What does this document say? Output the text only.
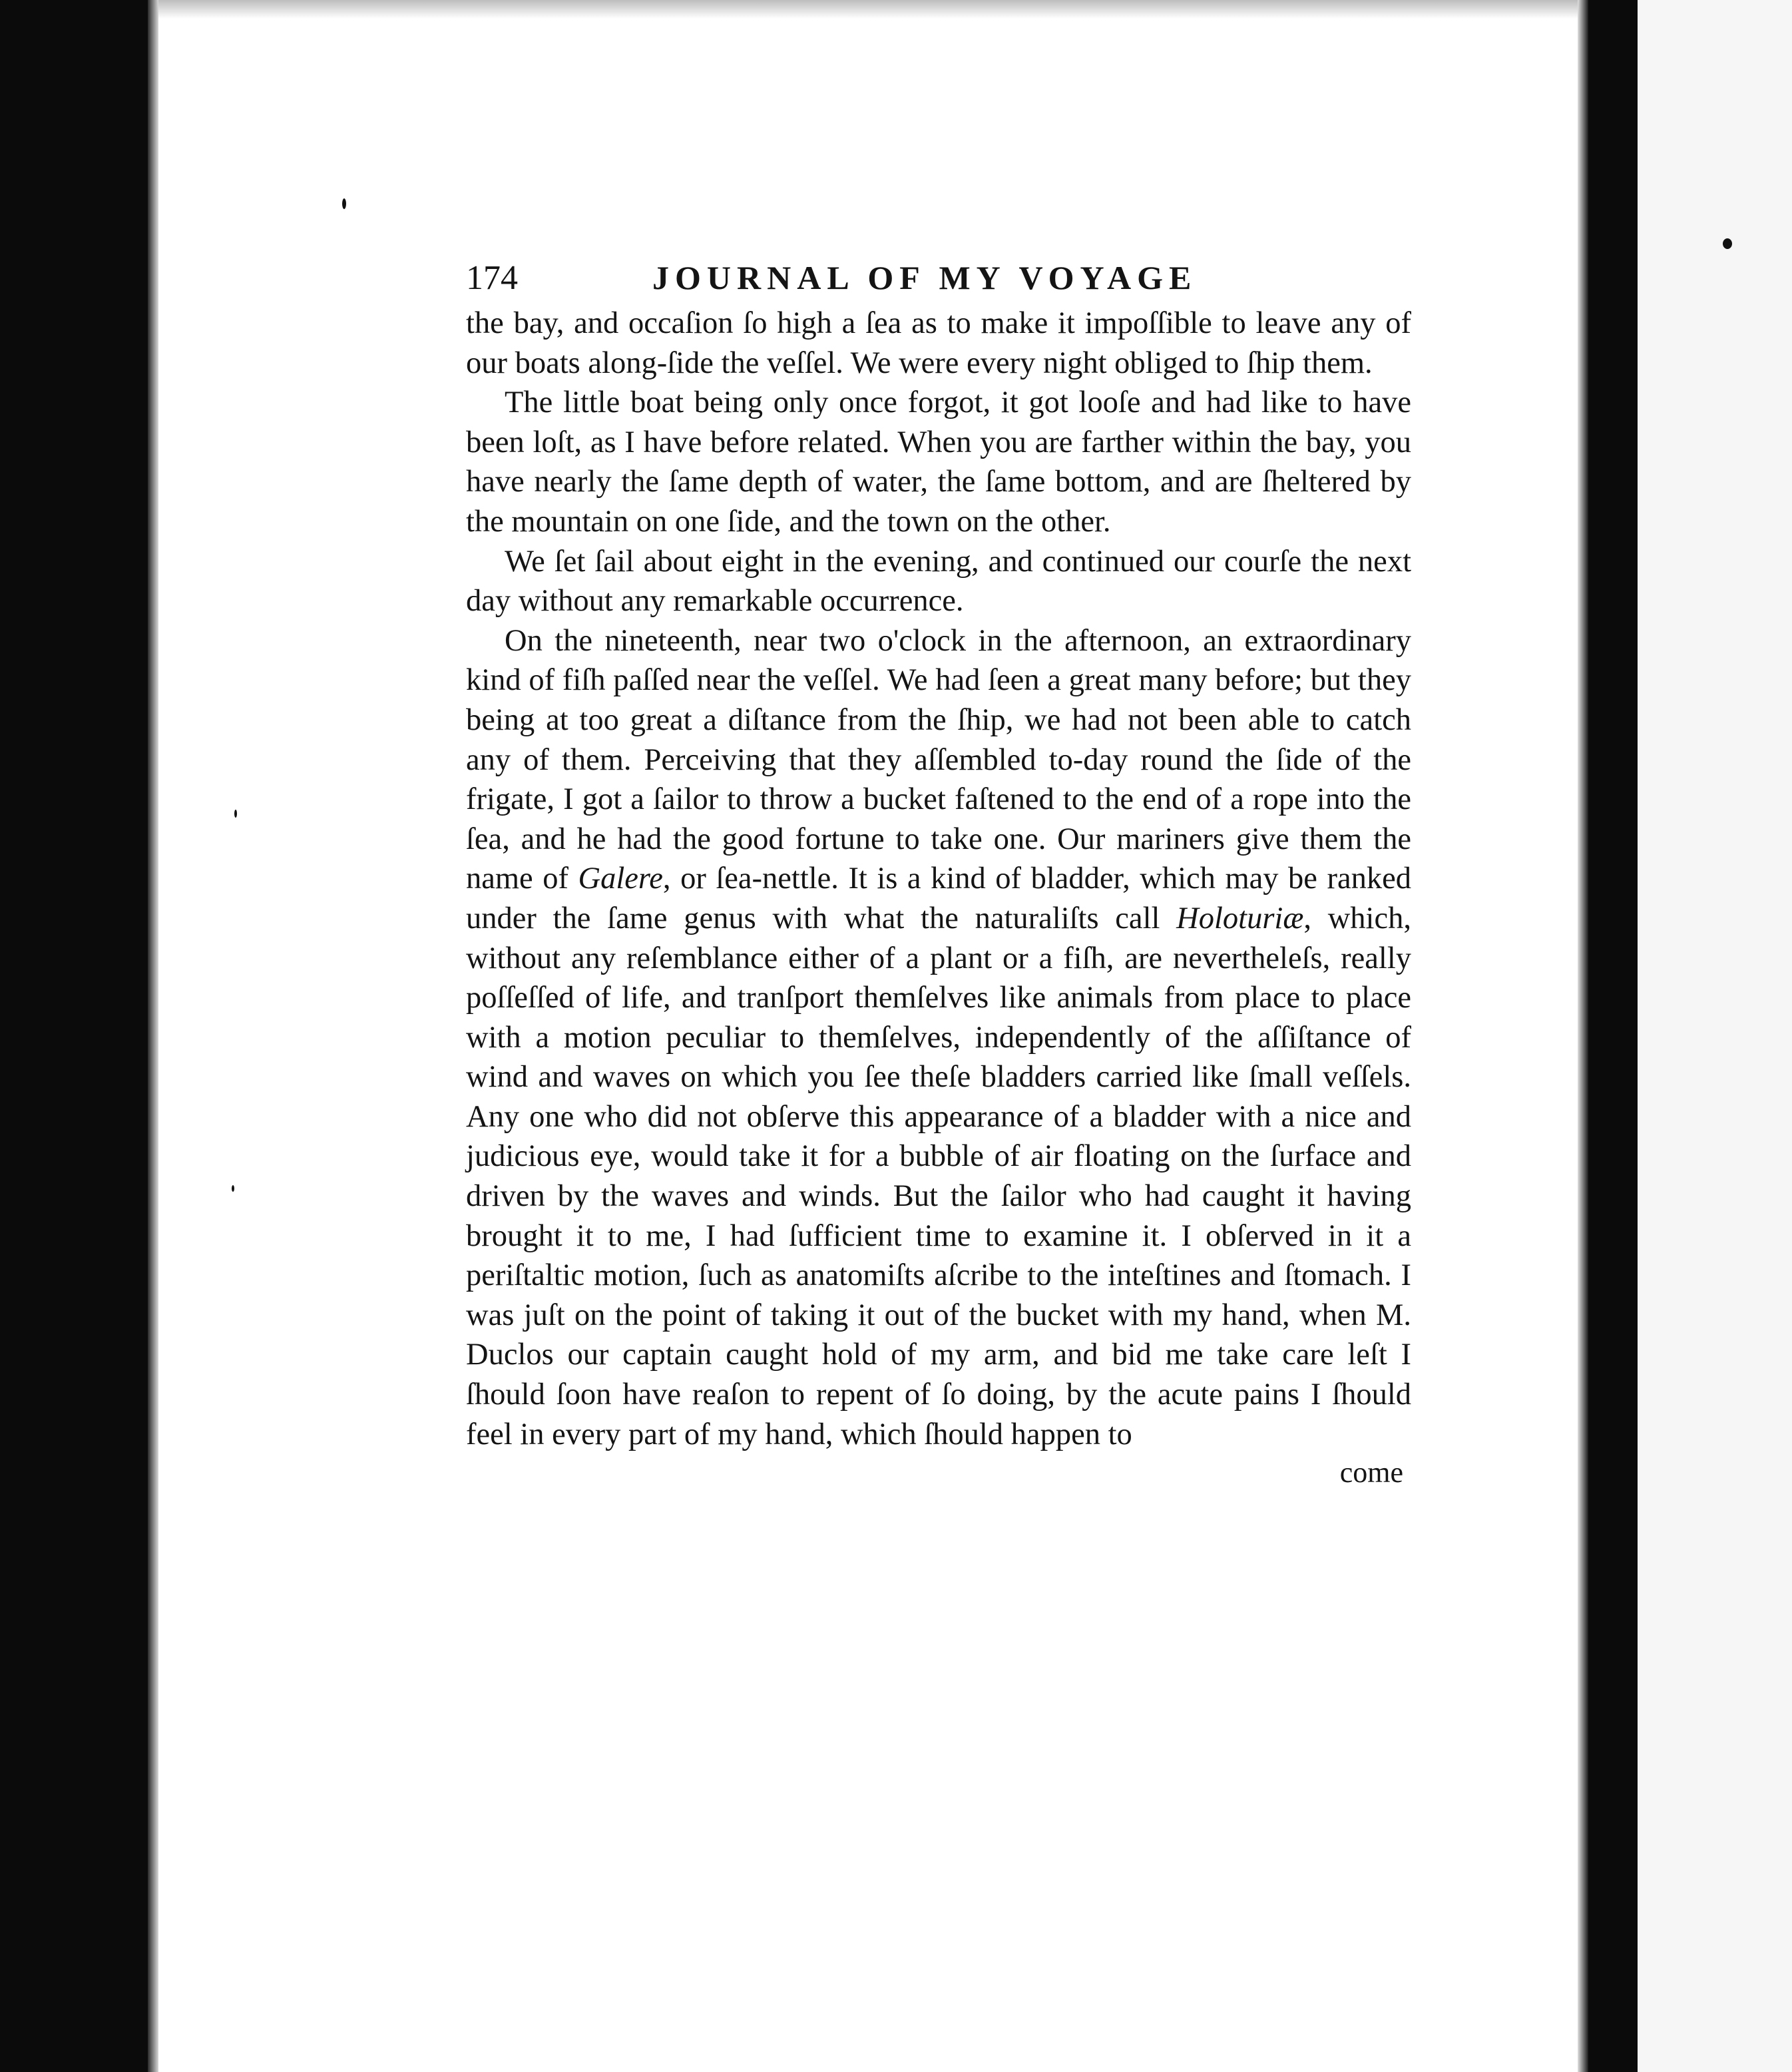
174	JOURNAL OF MY VOYAGE

the bay, and occaſion ſo high a ſea as to make it impoſſible to leave any of our boats along-ſide the veſſel. We were every night obliged to ſhip them.

The little boat being only once forgot, it got looſe and had like to have been loſt, as I have before related. When you are farther within the bay, you have nearly the ſame depth of water, the ſame bottom, and are ſheltered by the mountain on one ſide, and the town on the other.

We ſet ſail about eight in the evening, and continued our courſe the next day without any remarkable occurrence.

On the nineteenth, near two o'clock in the afternoon, an extraordinary kind of fiſh paſſed near the veſſel. We had ſeen a great many before; but they being at too great a diſtance from the ſhip, we had not been able to catch any of them. Perceiving that they aſſembled to-day round the ſide of the frigate, I got a ſailor to throw a bucket faſtened to the end of a rope into the ſea, and he had the good fortune to take one. Our mariners give them the name of Galere, or ſea-nettle. It is a kind of bladder, which may be ranked under the ſame genus with what the naturaliſts call Holoturiæ, which, without any reſemblance either of a plant or a fiſh, are nevertheleſs, really poſſeſſed of life, and tranſport themſelves like animals from place to place with a motion peculiar to themſelves, independently of the aſſiſtance of wind and waves on which you ſee theſe bladders carried like ſmall veſſels. Any one who did not obſerve this appearance of a bladder with a nice and judicious eye, would take it for a bubble of air floating on the ſurface and driven by the waves and winds. But the ſailor who had caught it having brought it to me, I had ſufficient time to examine it. I obſerved in it a periſtaltic motion, ſuch as anatomiſts aſcribe to the inteſtines and ſtomach. I was juſt on the point of taking it out of the bucket with my hand, when M. Duclos our captain caught hold of my arm, and bid me take care leſt I ſhould ſoon have reaſon to repent of ſo doing, by the acute pains I ſhould feel in every part of my hand, which ſhould happen to

come
